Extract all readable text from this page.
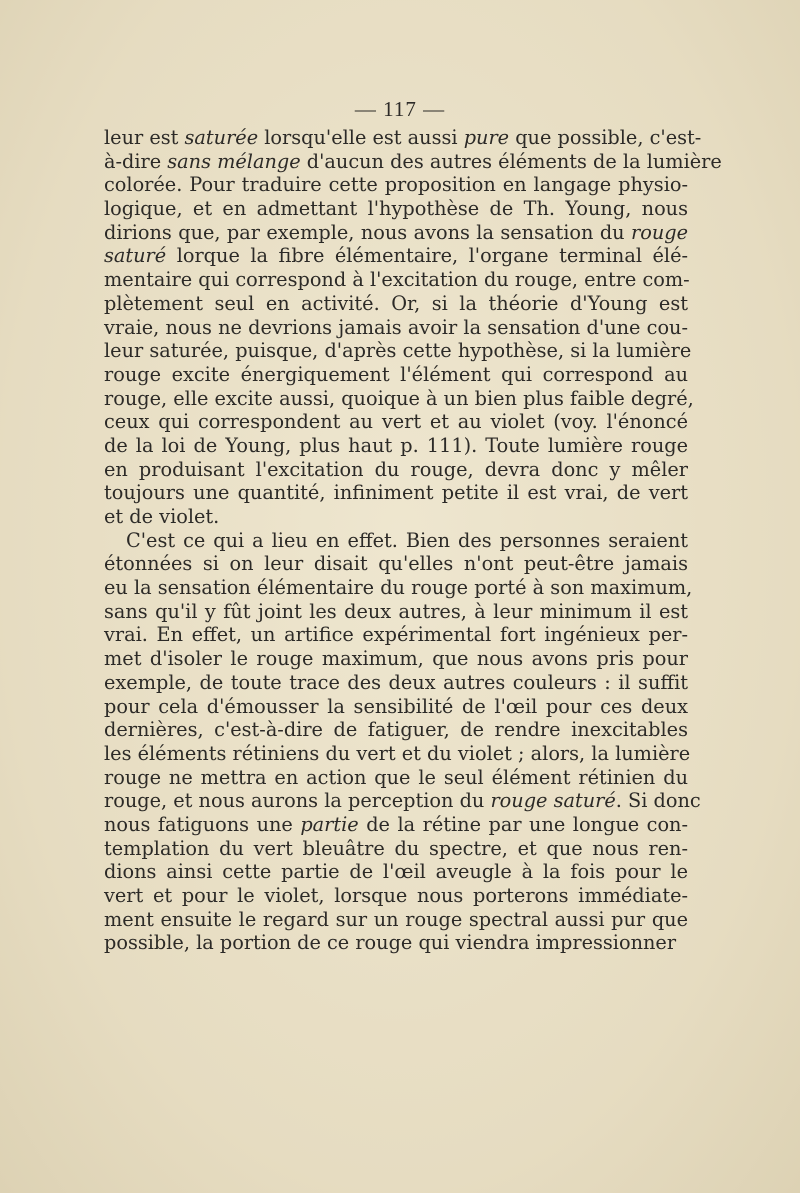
— 117 —
leur est saturée lorsqu'elle est aussi pure que possible, c'est-
à-dire sans mélange d'aucun des autres éléments de la lumière
colorée. Pour traduire cette proposition en langage physio-
logique, et en admettant l'hypothèse de Th. Young, nous
dirions que, par exemple, nous avons la sensation du rouge
saturé lorque la fibre élémentaire, l'organe terminal élé-
mentaire qui correspond à l'excitation du rouge, entre com-
plètement seul en activité. Or, si la théorie d'Young est
vraie, nous ne devrions jamais avoir la sensation d'une cou-
leur saturée, puisque, d'après cette hypothèse, si la lumière
rouge excite énergiquement l'élément qui correspond au
rouge, elle excite aussi, quoique à un bien plus faible degré,
ceux qui correspondent au vert et au violet (voy. l'énoncé
de la loi de Young, plus haut p. 111). Toute lumière rouge
en produisant l'excitation du rouge, devra donc y mêler
toujours une quantité, infiniment petite il est vrai, de vert
et de violet.
C'est ce qui a lieu en effet. Bien des personnes seraient
étonnées si on leur disait qu'elles n'ont peut-être jamais
eu la sensation élémentaire du rouge porté à son maximum,
sans qu'il y fût joint les deux autres, à leur minimum il est
vrai. En effet, un artifice expérimental fort ingénieux per-
met d'isoler le rouge maximum, que nous avons pris pour
exemple, de toute trace des deux autres couleurs : il suffit
pour cela d'émousser la sensibilité de l'œil pour ces deux
dernières, c'est-à-dire de fatiguer, de rendre inexcitables
les éléments rétiniens du vert et du violet ; alors, la lumière
rouge ne mettra en action que le seul élément rétinien du
rouge, et nous aurons la perception du rouge saturé. Si donc
nous fatiguons une partie de la rétine par une longue con-
templation du vert bleuâtre du spectre, et que nous ren-
dions ainsi cette partie de l'œil aveugle à la fois pour le
vert et pour le violet, lorsque nous porterons immédiate-
ment ensuite le regard sur un rouge spectral aussi pur que
possible, la portion de ce rouge qui viendra impressionner
